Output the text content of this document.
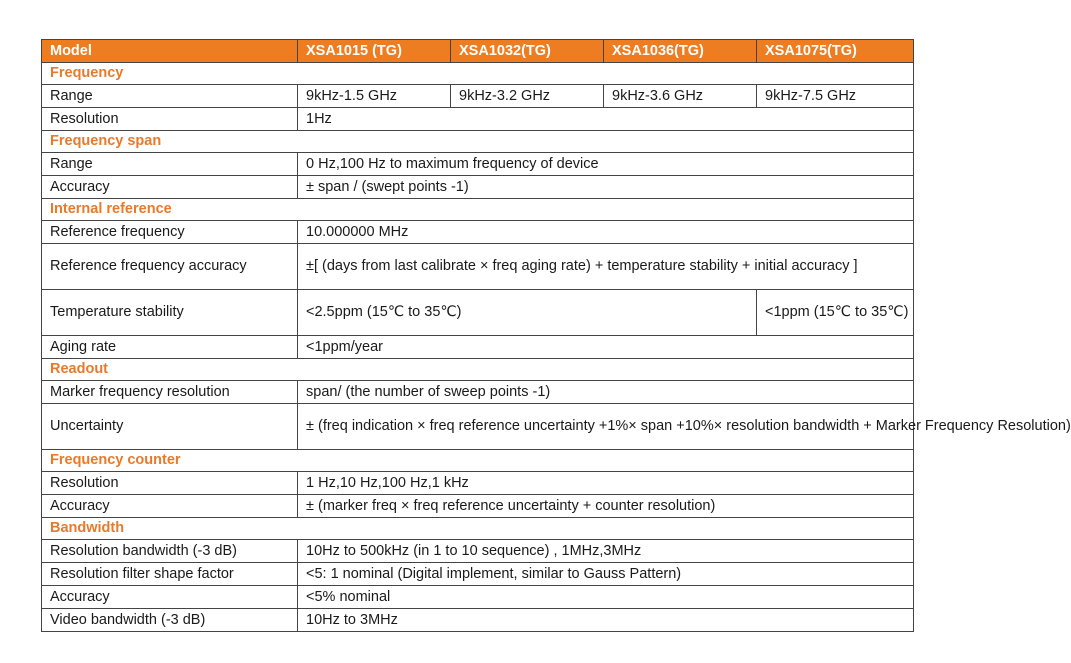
Model	XSA1015 (TG)	XSA1032(TG)	XSA1036(TG)	XSA1075(TG)
Frequency				
Range	9kHz-1.5 GHz	9kHz-3.2 GHz	9kHz-3.6 GHz	9kHz-7.5 GHz
Resolution	1Hz			
Frequency span				
Range	0 Hz,100 Hz to maximum frequency of device			
Accuracy	± span / (swept points -1)			
Internal reference				
Reference frequency	10.000000 MHz			
Reference frequency accuracy	±[ (days from last calibrate × freq aging rate) + temperature stability + initial accuracy ]			
Temperature stability	<2.5ppm (15℃ to 35℃)			<1ppm (15℃ to 35℃)
Aging rate	<1ppm/year			
Readout				
Marker frequency resolution	span/ (the number of sweep points -1)			
Uncertainty	± (freq indication × freq reference uncertainty +1%× span +10%× resolution bandwidth + Marker Frequency Resolution)			
Frequency counter				
Resolution	1 Hz,10 Hz,100 Hz,1 kHz			
Accuracy	± (marker freq × freq reference uncertainty + counter resolution)			
Bandwidth				
Resolution bandwidth (-3 dB)	10Hz to 500kHz (in 1 to 10 sequence) , 1MHz,3MHz			
Resolution filter shape factor	<5: 1 nominal (Digital implement, similar to Gauss Pattern)			
Accuracy	<5% nominal			
Video bandwidth (-3 dB)	10Hz to 3MHz			
